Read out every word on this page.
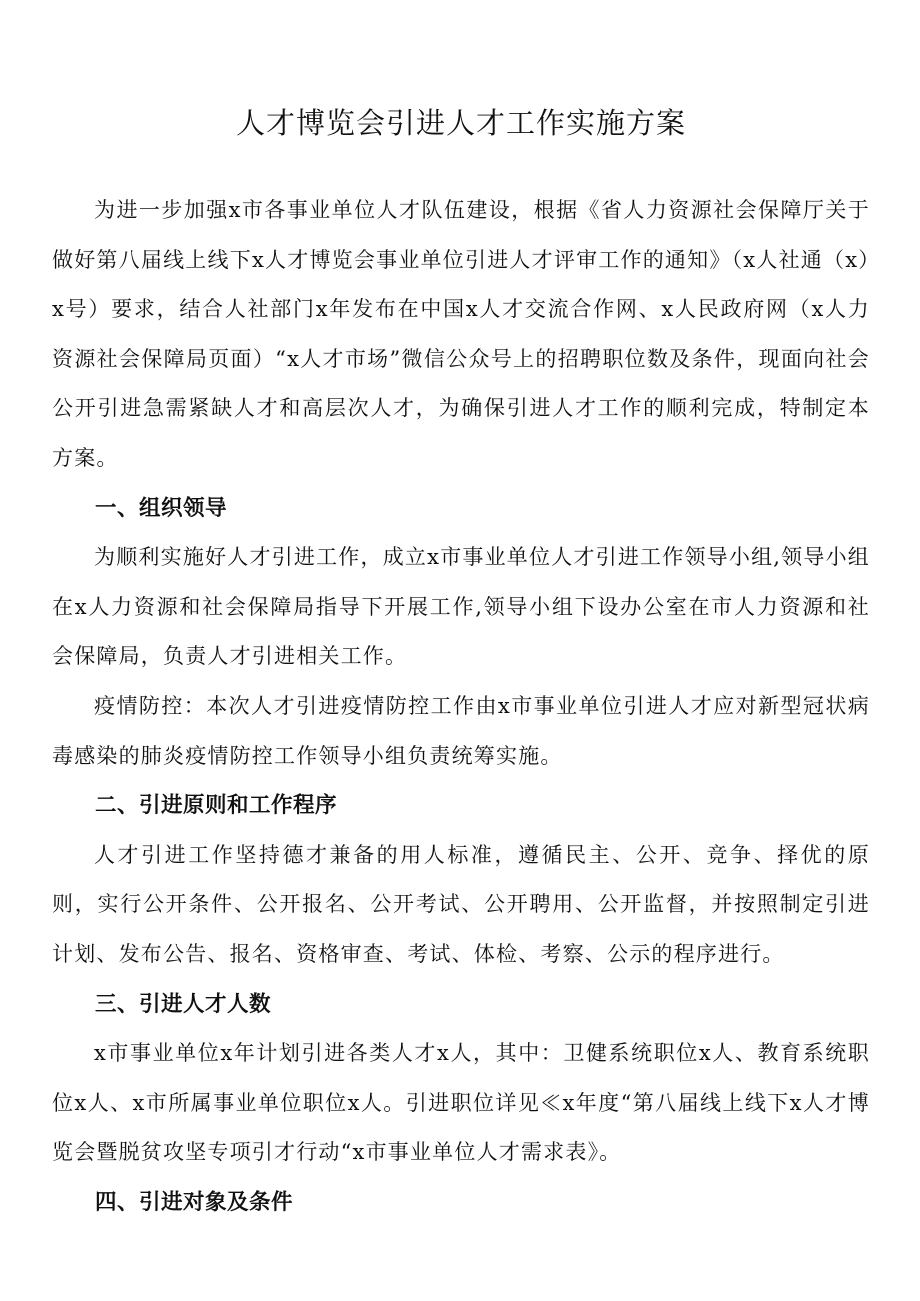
人才博览会引进人才工作实施方案

为进一步加强x市各事业单位人才队伍建设，根据《省人力资源社会保障厅关于做好第八届线上线下x人才博览会事业单位引进人才评审工作的通知》（x人社通（x）x号）要求，结合人社部门x年发布在中国x人才交流合作网、x人民政府网（x人力资源社会保障局页面）“x人才市场”微信公众号上的招聘职位数及条件，现面向社会公开引进急需紧缺人才和高层次人才，为确保引进人才工作的顺利完成，特制定本方案。

一、组织领导

为顺利实施好人才引进工作，成立x市事业单位人才引进工作领导小组,领导小组在x人力资源和社会保障局指导下开展工作,领导小组下设办公室在市人力资源和社会保障局，负责人才引进相关工作。

疫情防控：本次人才引进疫情防控工作由x市事业单位引进人才应对新型冠状病毒感染的肺炎疫情防控工作领导小组负责统筹实施。

二、引进原则和工作程序

人才引进工作坚持德才兼备的用人标准，遵循民主、公开、竞争、择优的原则，实行公开条件、公开报名、公开考试、公开聘用、公开监督，并按照制定引进计划、发布公告、报名、资格审查、考试、体检、考察、公示的程序进行。

三、引进人才人数

x市事业单位x年计划引进各类人才x人，其中：卫健系统职位x人、教育系统职位x人、x市所属事业单位职位x人。引进职位详见≪x年度“第八届线上线下x人才博览会暨脱贫攻坚专项引才行动“x市事业单位人才需求表》。

四、引进对象及条件
